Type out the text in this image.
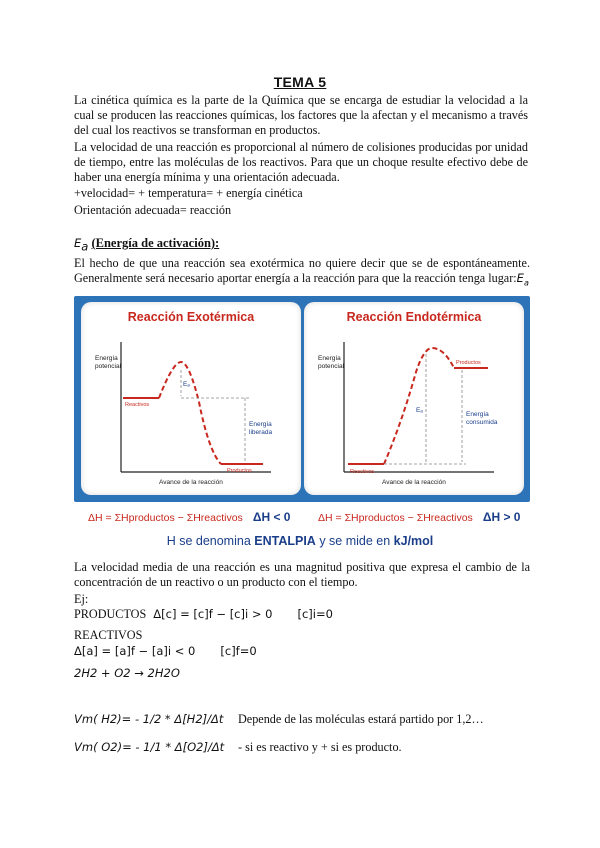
TEMA 5
La cinética química es la parte de la Química que se encarga de estudiar la velocidad a la cual se producen las reacciones químicas, los factores que la afectan y el mecanismo a través del cual los reactivos se transforman en productos.
La velocidad de una reacción es proporcional al número de colisiones producidas por unidad de tiempo, entre las moléculas de los reactivos. Para que un choque resulte efectivo debe de haber una energía mínima y una orientación adecuada.
+velocidad= + temperatura= + energía cinética
Orientación adecuada= reacción
$E_a$ (Energía de activación):
El hecho de que una reacción sea exotérmica no quiere decir que se de espontáneamente. Generalmente será necesario aportar energía a la reacción para que la reacción tenga $lugar:E_a$
Reacción Exotérmica
Energía
potencial
Avance de la reacción
Reactivos
Productos
Eₐ
Energía
liberada
Reacción Endotérmica
Energía
potencial
Avance de la reacción
Reactivos
Productos
Eₐ
Energía
consumida
ΔH = ΣHproductos − ΣHreactivos ΔH < 0	ΔH = ΣHproductos − ΣHreactivos ΔH > 0
H se denomina ENTALPIA y se mide en kJ/mol
La velocidad media de una reacción es una magnitud positiva que expresa el cambio de la concentración de un reactivo o un producto con el tiempo.
Ej:
PRODUCTOS Δ[c] = [c]f − [c]i > 0 [c]i=0
REACTIVOS
Δ[a] = [a]f − [a]i < 0 [c]f=0
2H2 + O2 → 2H2O
Vm( H2)= - 1/2 * Δ[H2]/Δt Depende de las moléculas estará partido por 1,2…
Vm( O2)= - 1/1 * Δ[O2]/Δt - si es reactivo y + si es producto.
